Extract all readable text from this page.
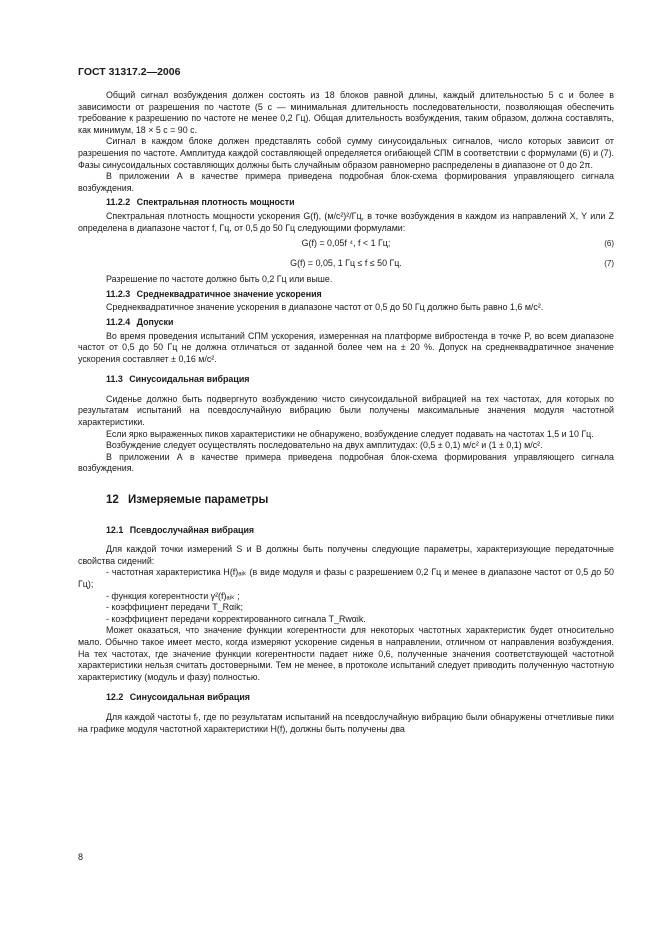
ГОСТ 31317.2—2006

Общий сигнал возбуждения должен состоять из 18 блоков равной длины, каждый длительностью 5 с и более в зависимости от разрешения по частоте (5 с — минимальная длительность последовательности, позволяющая обеспечить требование к разрешению по частоте не менее 0,2 Гц). Общая длительность возбуждения, таким образом, должна составлять, как минимум, 18 × 5 с = 90 с.

Сигнал в каждом блоке должен представлять собой сумму синусоидальных сигналов, число которых зависит от разрешения по частоте. Амплитуда каждой составляющей определяется огибающей СПМ в соответствии с формулами (6) и (7). Фазы синусоидальных составляющих должны быть случайным образом равномерно распределены в диапазоне от 0 до 2π.

В приложении А в качестве примера приведена подробная блок-схема формирования управляющего сигнала возбуждения.

11.2.2 Спектральная плотность мощности

Спектральная плотность мощности ускорения G(f), (м/с²)²/Гц, в точке возбуждения в каждом из направлений X, Y или Z определена в диапазоне частот f, Гц, от 0,5 до 50 Гц следующими формулами:

G(f) = 0,05f ⁴, f < 1 Гц;	(6)
G(f) = 0,05, 1 Гц ≤ f ≤ 50 Гц.	(7)

Разрешение по частоте должно быть 0,2 Гц или выше.

11.2.3 Среднеквадратичное значение ускорения

Среднеквадратичное значение ускорения в диапазоне частот от 0,5 до 50 Гц должно быть равно 1,6 м/с².

11.2.4 Допуски

Во время проведения испытаний СПМ ускорения, измеренная на платформе вибростенда в точке P, во всем диапазоне частот от 0,5 до 50 Гц не должна отличаться от заданной более чем на ± 20 %. Допуск на среднеквадратичное значение ускорения составляет ± 0,16 м/с².

11.3 Синусоидальная вибрация

Сиденье должно быть подвергнуто возбуждению чисто синусоидальной вибрацией на тех частотах, для которых по результатам испытаний на псевдослучайную вибрацию были получены максимальные значения модуля частотной характеристики.

Если ярко выраженных пиков характеристики не обнаружено, возбуждение следует подавать на частотах 1,5 и 10 Гц.

Возбуждение следует осуществлять последовательно на двух амплитудах: (0,5 ± 0,1) м/с² и (1 ± 0,1) м/с².

В приложении А в качестве примера приведена подробная блок-схема формирования управляющего сигнала возбуждения.

12 Измеряемые параметры
12.1 Псевдослучайная вибрация

Для каждой точки измерений S и B должны быть получены следующие параметры, характеризующие передаточные свойства сидений:

- частотная характеристика H(f)ₐᵢₖ (в виде модуля и фазы с разрешением 0,2 Гц и менее в диапазоне частот от 0,5 до 50 Гц);

- функция когерентности γ²(f)ₐᵢₖ ;

- коэффициент передачи T_Rαik;

- коэффициент передачи корректированного сигнала T_Rwαik.

Может оказаться, что значение функции когерентности для некоторых частотных характеристик будет относительно мало. Обычно такое имеет место, когда измеряют ускорение сиденья в направлении, отличном от направления возбуждения. На тех частотах, где значение функции когерентности падает ниже 0,6, полученные значения соответствующей частотной характеристики нельзя считать достоверными. Тем не менее, в протоколе испытаний следует приводить полученную частотную характеристику (модуль и фазу) полностью.

12.2 Синусоидальная вибрация

Для каждой частоты fᵣ, где по результатам испытаний на псевдослучайную вибрацию были обнаружены отчетливые пики на графике модуля частотной характеристики H(f), должны быть получены два

8
